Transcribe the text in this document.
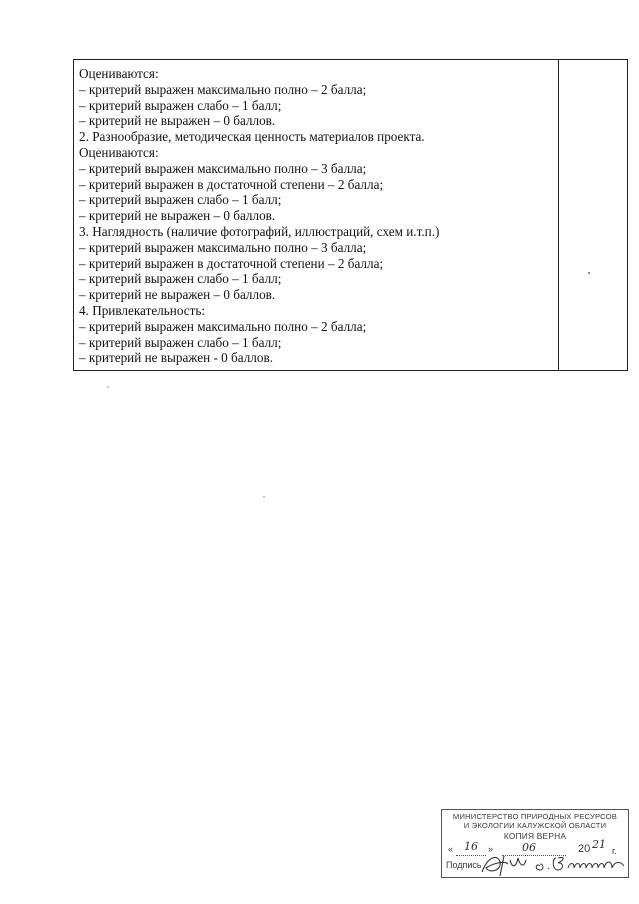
Оцениваются:
– критерий выражен максимально полно – 2 балла;
– критерий выражен слабо – 1 балл;
– критерий не выражен – 0 баллов.
2. Разнообразие, методическая ценность материалов проекта.
Оцениваются:
– критерий выражен максимально полно – 3 балла;
– критерий выражен в достаточной степени – 2 балла;
– критерий выражен слабо – 1 балл;
– критерий не выражен – 0 баллов.
3. Наглядность (наличие фотографий, иллюстраций, схем и.т.п.)
– критерий выражен максимально полно – 3 балла;
– критерий выражен в достаточной степени – 2 балла;
– критерий выражен слабо – 1 балл;
– критерий не выражен – 0 баллов.
4. Привлекательность:
– критерий выражен максимально полно – 2 балла;
– критерий выражен слабо – 1 балл;
– критерий не выражен - 0 баллов.
МИНИСТЕРСТВО ПРИРОДНЫХ РЕСУРСОВ
И ЭКОЛОГИИ КАЛУЖСКОЙ ОБЛАСТИ
КОПИЯ ВЕРНА
« 16 »	06	20 21 г.
Подпись
